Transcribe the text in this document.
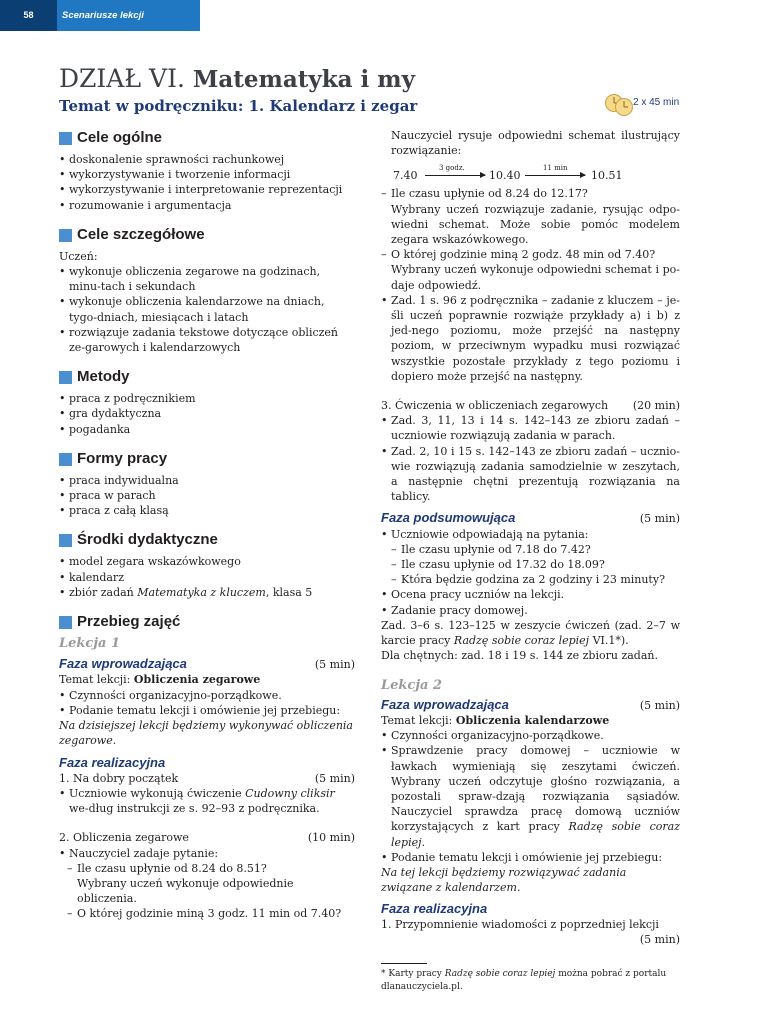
58	Scenariusze lekcji
DZIAŁ VI. Matematyka i my
Temat w podręczniku: 1. Kalendarz i zegar	2 x 45 min
Cele ogólne
• doskonalenie sprawności rachunkowej
• wykorzystywanie i tworzenie informacji
• wykorzystywanie i interpretowanie reprezentacji
• rozumowanie i argumentacja
Cele szczegółowe
Uczeń:
• wykonuje obliczenia zegarowe na godzinach, minu-tach i sekundach
• wykonuje obliczenia kalendarzowe na dniach, tygo-dniach, miesiącach i latach
• rozwiązuje zadania tekstowe dotyczące obliczeń ze-garowych i kalendarzowych
Metody
• praca z podręcznikiem
• gra dydaktyczna
• pogadanka
Formy pracy
• praca indywidualna
• praca w parach
• praca z całą klasą
Środki dydaktyczne
• model zegara wskazówkowego
• kalendarz
• zbiór zadań Matematyka z kluczem, klasa 5
Przebieg zajęć
Lekcja 1
Faza wprowadzająca	(5 min)
Temat lekcji: Obliczenia zegarowe
• Czynności organizacyjno-porządkowe.
• Podanie tematu lekcji i omówienie jej przebiegu:
Na dzisiejszej lekcji będziemy wykonywać obliczenia zegarowe.
Faza realizacyjna
1. Na dobry początek	(5 min)
• Uczniowie wykonują ćwiczenie Cudowny cliksir we-dług instrukcji ze s. 92–93 z podręcznika.
2. Obliczenia zegarowe	(10 min)
• Nauczyciel zadaje pytanie:
– Ile czasu upłynie od 8.24 do 8.51?
Wybrany uczeń wykonuje odpowiednie obliczenia.
– O której godzinie miną 3 godz. 11 min od 7.40?
Nauczyciel rysuje odpowiedni schemat ilustrujący rozwiązanie:
7.40
3 godz.
10.40
11 min
10.51
– Ile czasu upłynie od 8.24 do 12.17?
Wybrany uczeń rozwiązuje zadanie, rysując odpo-wiedni schemat. Może sobie pomóc modelem zegara wskazówkowego.
– O której godzinie miną 2 godz. 48 min od 7.40?
Wybrany uczeń wykonuje odpowiedni schemat i po-daje odpowiedź.
• Zad. 1 s. 96 z podręcznika – zadanie z kluczem – je-śli uczeń poprawnie rozwiąże przykłady a) i b) z jed-nego poziomu, może przejść na następny poziom, w przeciwnym wypadku musi rozwiązać wszystkie pozostałe przykłady z tego poziomu i dopiero może przejść na następny.
3. Ćwiczenia w obliczeniach zegarowych (20 min)
• Zad. 3, 11, 13 i 14 s. 142–143 ze zbioru zadań – uczniowie rozwiązują zadania w parach.
• Zad. 2, 10 i 15 s. 142–143 ze zbioru zadań – ucznio-wie rozwiązują zadania samodzielnie w zeszytach, a następnie chętni prezentują rozwiązania na tablicy.
Faza podsumowująca	(5 min)
• Uczniowie odpowiadają na pytania:
– Ile czasu upłynie od 7.18 do 7.42?
– Ile czasu upłynie od 17.32 do 18.09?
– Która będzie godzina za 2 godziny i 23 minuty?
• Ocena pracy uczniów na lekcji.
• Zadanie pracy domowej.
Zad. 3–6 s. 123–125 w zeszycie ćwiczeń (zad. 2–7 w karcie pracy Radzę sobie coraz lepiej VI.1*).
Dla chętnych: zad. 18 i 19 s. 144 ze zbioru zadań.
Lekcja 2
Faza wprowadzająca	(5 min)
Temat lekcji: Obliczenia kalendarzowe
• Czynności organizacyjno-porządkowe.
• Sprawdzenie pracy domowej – uczniowie w ławkach wymieniają się zeszytami ćwiczeń. Wybrany uczeń odczytuje głośno rozwiązania, a pozostali spraw-dzają rozwiązania sąsiadów. Nauczyciel sprawdza pracę domową uczniów korzystających z kart pracy Radzę sobie coraz lepiej.
• Podanie tematu lekcji i omówienie jej przebiegu:
Na tej lekcji będziemy rozwiązywać zadania związane z kalendarzem.
Faza realizacyjna
1. Przypomnienie wiadomości z poprzedniej lekcji
(5 min)
* Karty pracy Radzę sobie coraz lepiej można pobrać z portalu dlanauczyciela.pl.
